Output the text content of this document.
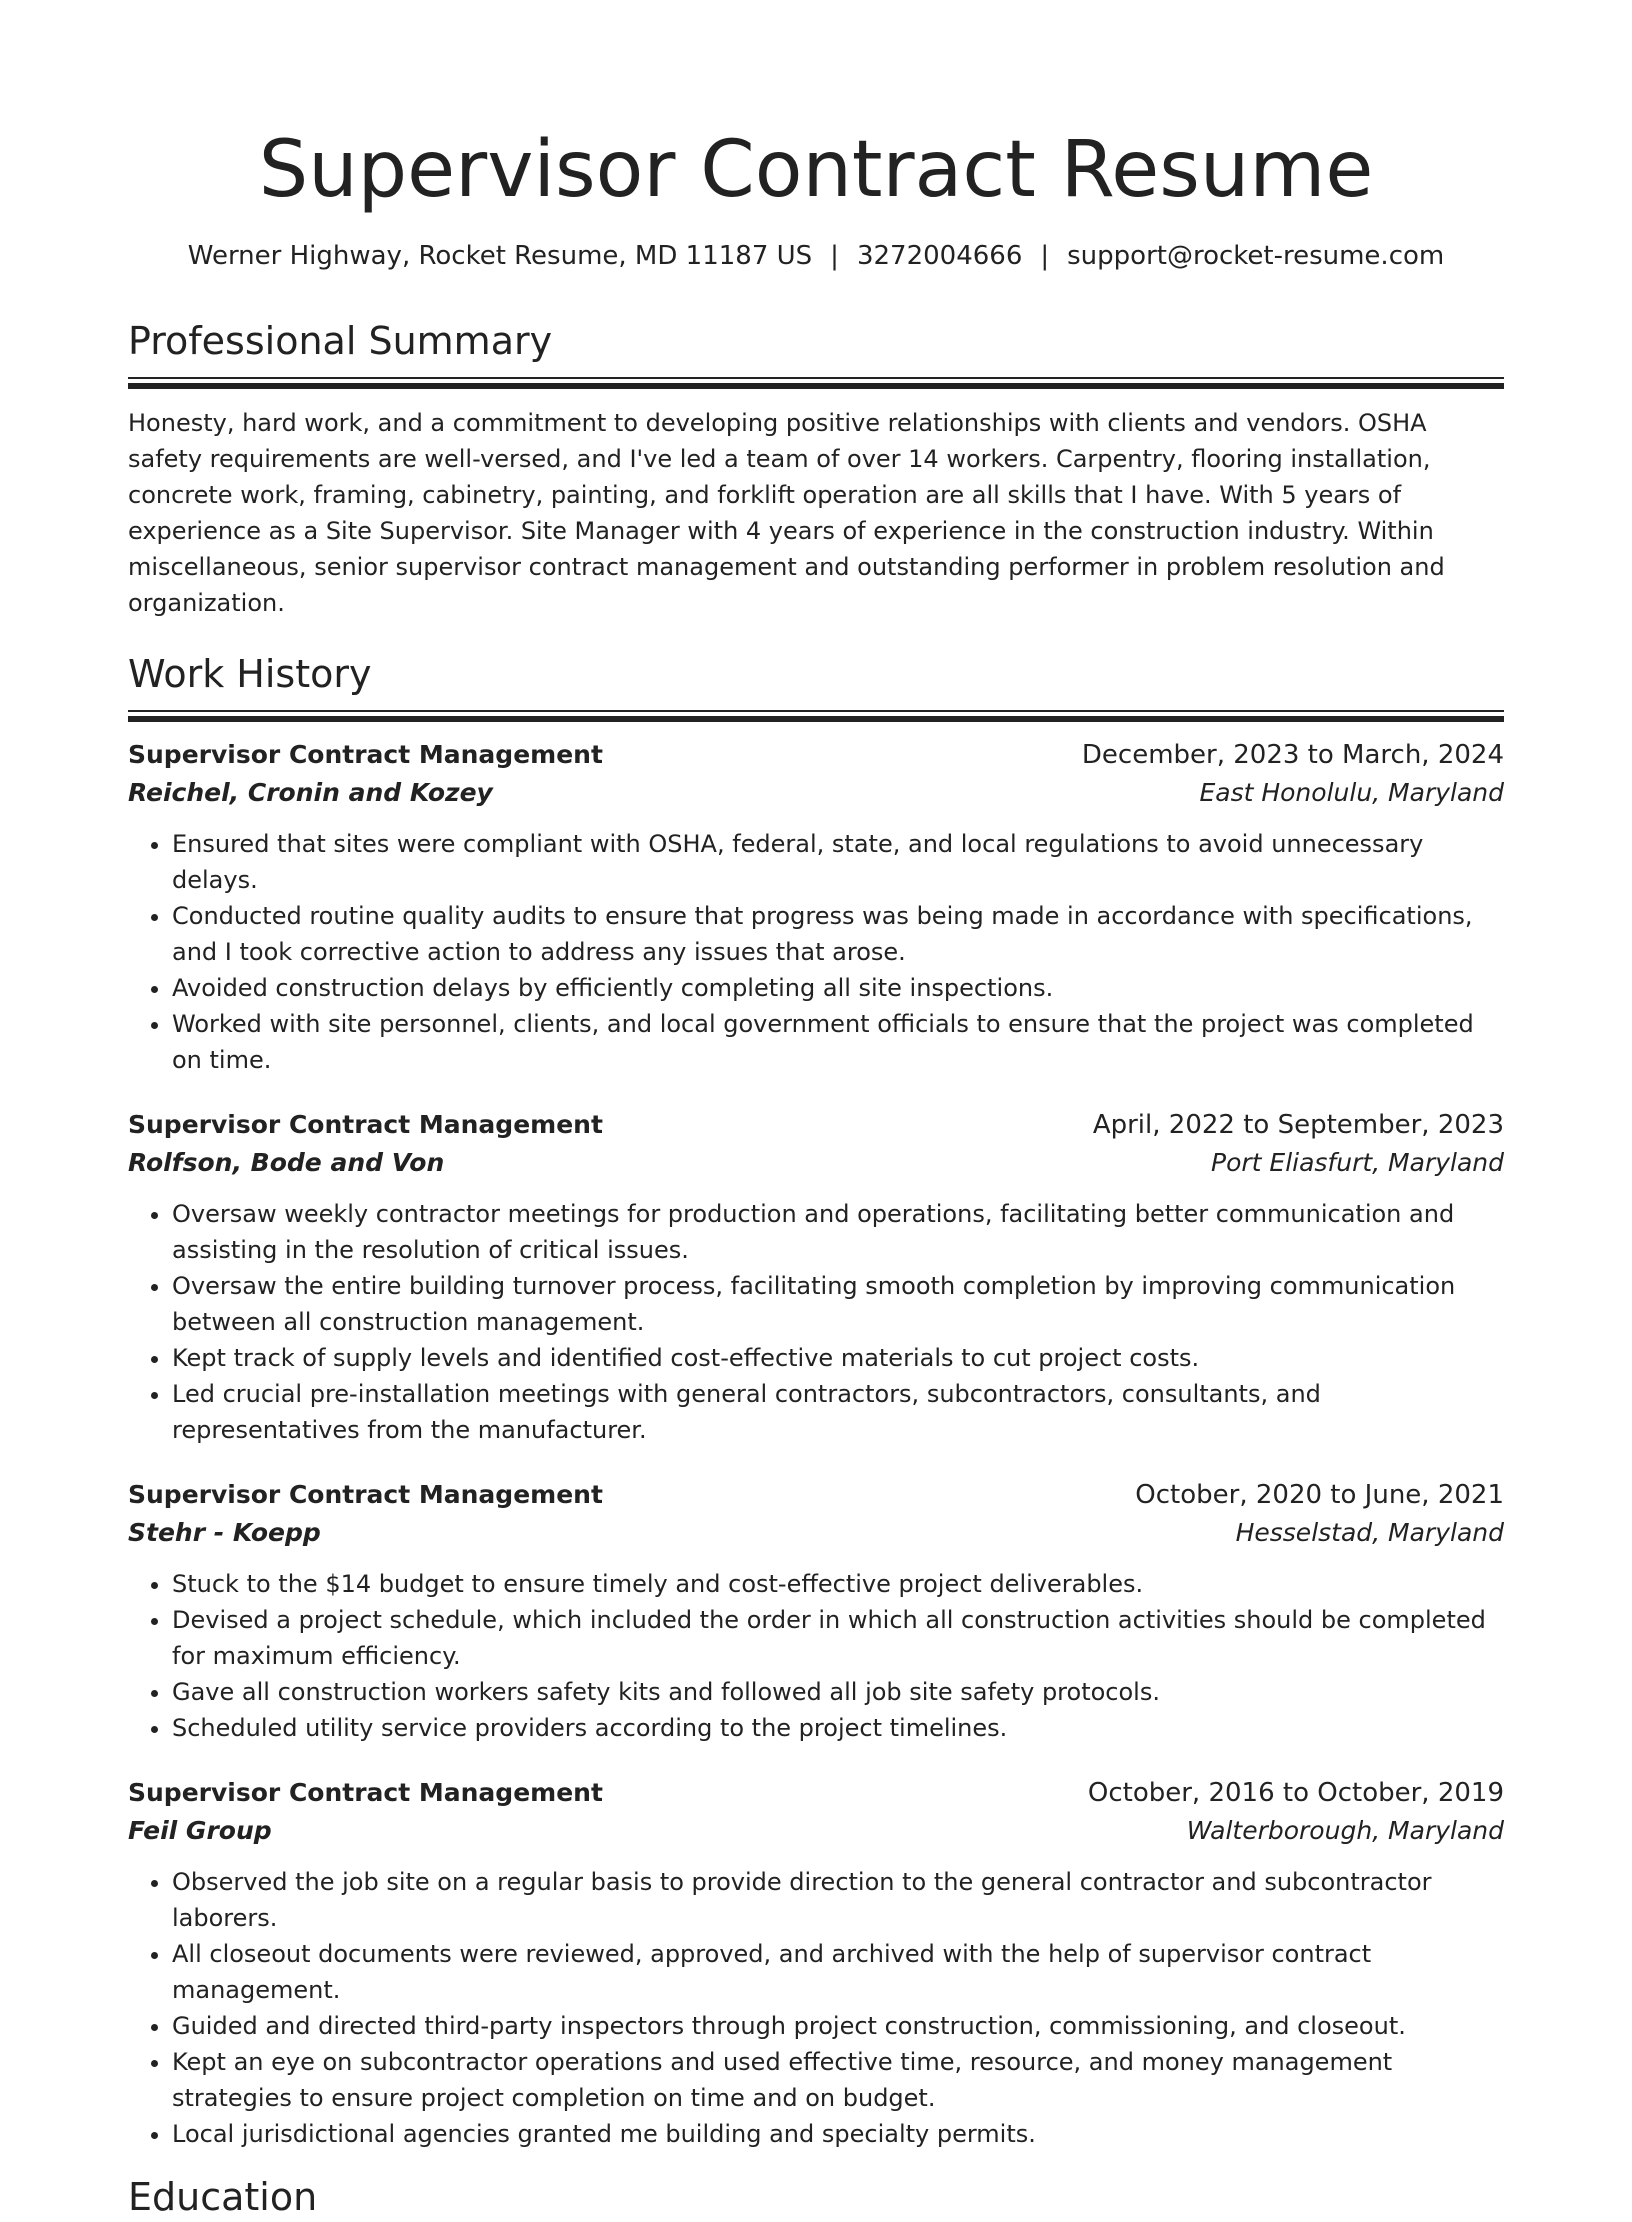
Supervisor Contract Resume
Werner Highway, Rocket Resume, MD 11187 US | 3272004666 | support@rocket-resume.com
Professional Summary
Honesty, hard work, and a commitment to developing positive relationships with clients and vendors. OSHA safety requirements are well-versed, and I've led a team of over 14 workers. Carpentry, flooring installation, concrete work, framing, cabinetry, painting, and forklift operation are all skills that I have. With 5 years of experience as a Site Supervisor. Site Manager with 4 years of experience in the construction industry. Within miscellaneous, senior supervisor contract management and outstanding performer in problem resolution and organization.
Work History
Supervisor Contract Management	December, 2023 to March, 2024
Reichel, Cronin and Kozey	East Honolulu, Maryland
• Ensured that sites were compliant with OSHA, federal, state, and local regulations to avoid unnecessary delays.
• Conducted routine quality audits to ensure that progress was being made in accordance with specifications, and I took corrective action to address any issues that arose.
• Avoided construction delays by efficiently completing all site inspections.
• Worked with site personnel, clients, and local government officials to ensure that the project was completed on time.
Supervisor Contract Management	April, 2022 to September, 2023
Rolfson, Bode and Von	Port Eliasfurt, Maryland
• Oversaw weekly contractor meetings for production and operations, facilitating better communication and assisting in the resolution of critical issues.
• Oversaw the entire building turnover process, facilitating smooth completion by improving communication between all construction management.
• Kept track of supply levels and identified cost-effective materials to cut project costs.
• Led crucial pre-installation meetings with general contractors, subcontractors, consultants, and representatives from the manufacturer.
Supervisor Contract Management	October, 2020 to June, 2021
Stehr - Koepp	Hesselstad, Maryland
• Stuck to the $14 budget to ensure timely and cost-effective project deliverables.
• Devised a project schedule, which included the order in which all construction activities should be completed for maximum efficiency.
• Gave all construction workers safety kits and followed all job site safety protocols.
• Scheduled utility service providers according to the project timelines.
Supervisor Contract Management	October, 2016 to October, 2019
Feil Group	Walterborough, Maryland
• Observed the job site on a regular basis to provide direction to the general contractor and subcontractor laborers.
• All closeout documents were reviewed, approved, and archived with the help of supervisor contract management.
• Guided and directed third-party inspectors through project construction, commissioning, and closeout.
• Kept an eye on subcontractor operations and used effective time, resource, and money management strategies to ensure project completion on time and on budget.
• Local jurisdictional agencies granted me building and specialty permits.
Education
